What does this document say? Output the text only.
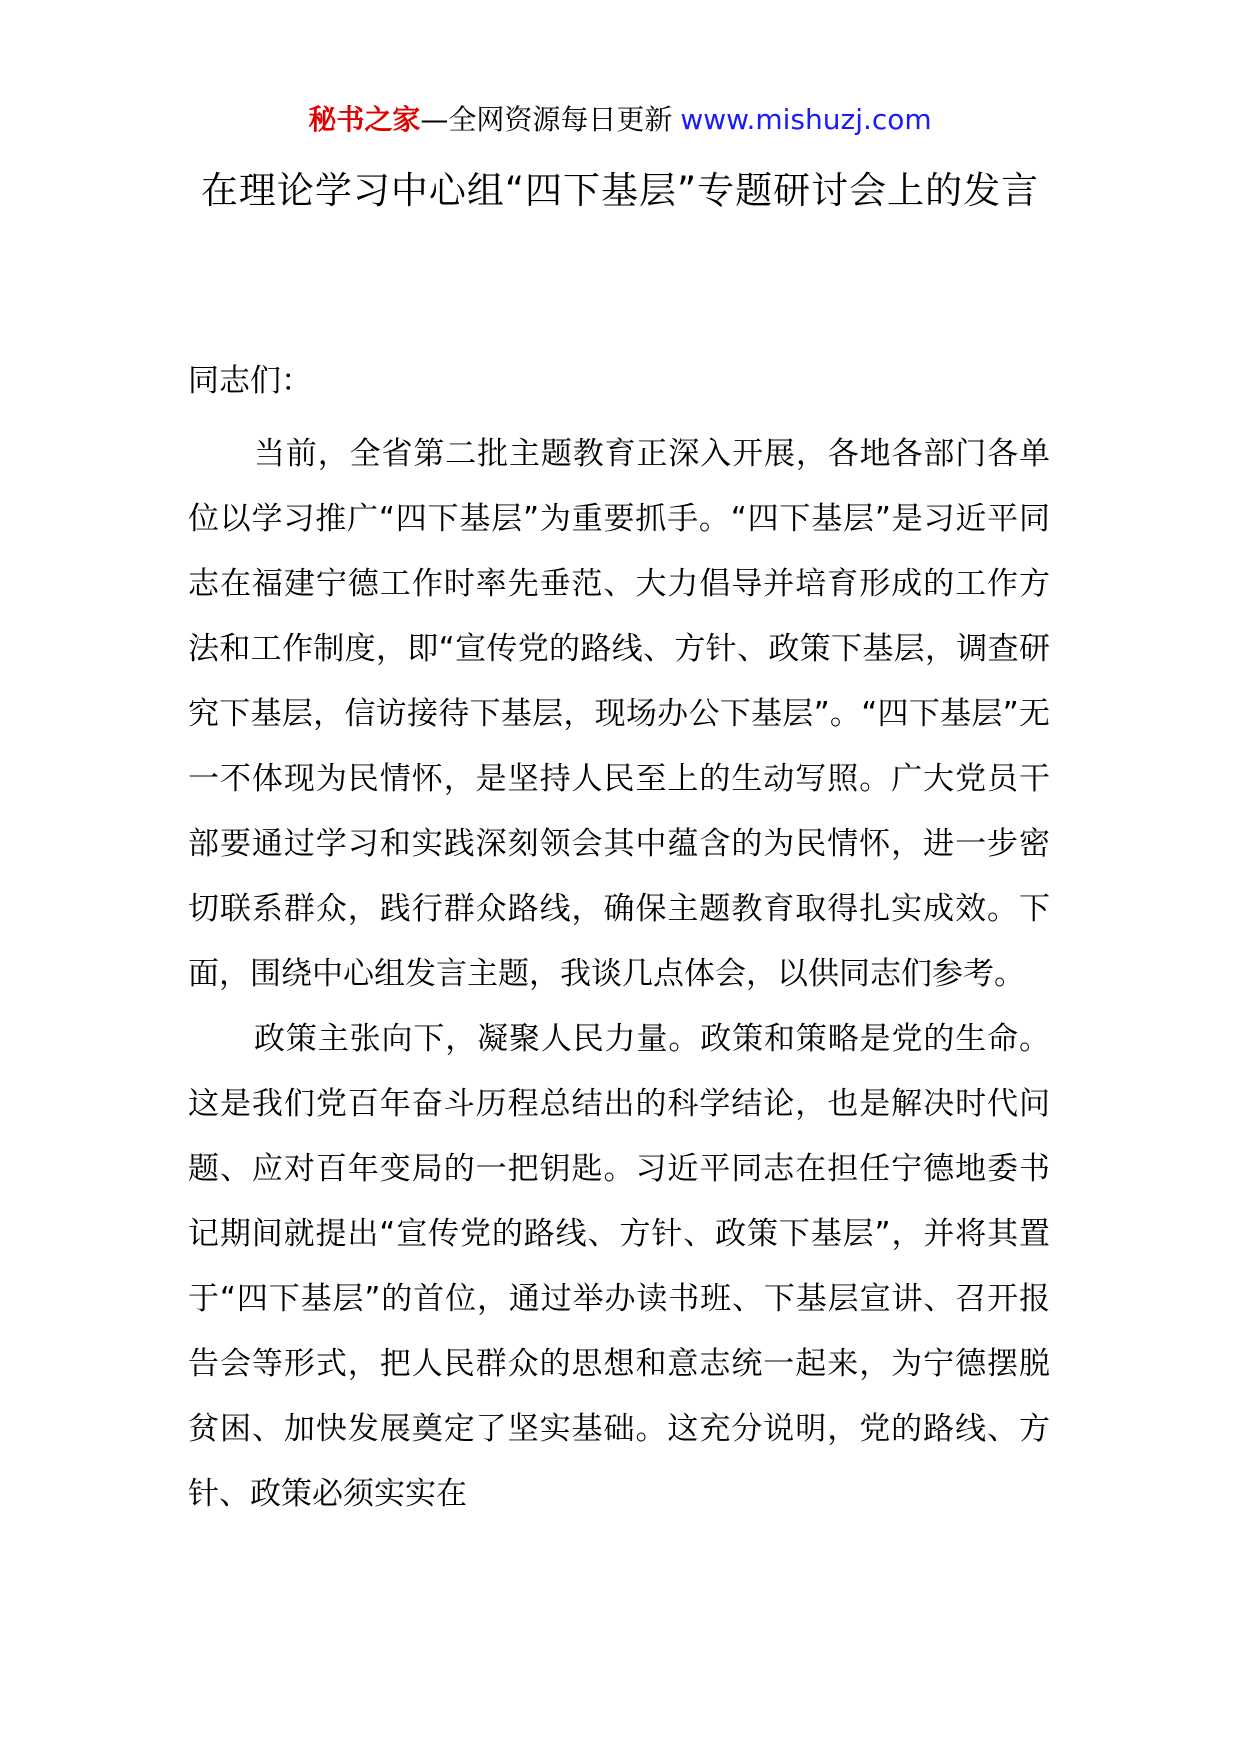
秘书之家—全网资源每日更新 www.mishuzj.com
在理论学习中心组“四下基层”专题研讨会上的发言
同志们：

当前，全省第二批主题教育正深入开展，各地各部门各单位以学习推广“四下基层”为重要抓手。“四下基层”是习近平同志在福建宁德工作时率先垂范、大力倡导并培育形成的工作方法和工作制度，即“宣传党的路线、方针、政策下基层，调查研究下基层，信访接待下基层，现场办公下基层”。“四下基层”无一不体现为民情怀，是坚持人民至上的生动写照。广大党员干部要通过学习和实践深刻领会其中蕴含的为民情怀，进一步密切联系群众，践行群众路线，确保主题教育取得扎实成效。下面，围绕中心组发言主题，我谈几点体会，以供同志们参考。

政策主张向下，凝聚人民力量。政策和策略是党的生命。这是我们党百年奋斗历程总结出的科学结论，也是解决时代问题、应对百年变局的一把钥匙。习近平同志在担任宁德地委书记期间就提出“宣传党的路线、方针、政策下基层”，并将其置于“四下基层”的首位，通过举办读书班、下基层宣讲、召开报告会等形式，把人民群众的思想和意志统一起来，为宁德摆脱贫困、加快发展奠定了坚实基础。这充分说明，党的路线、方针、政策必须实实在
